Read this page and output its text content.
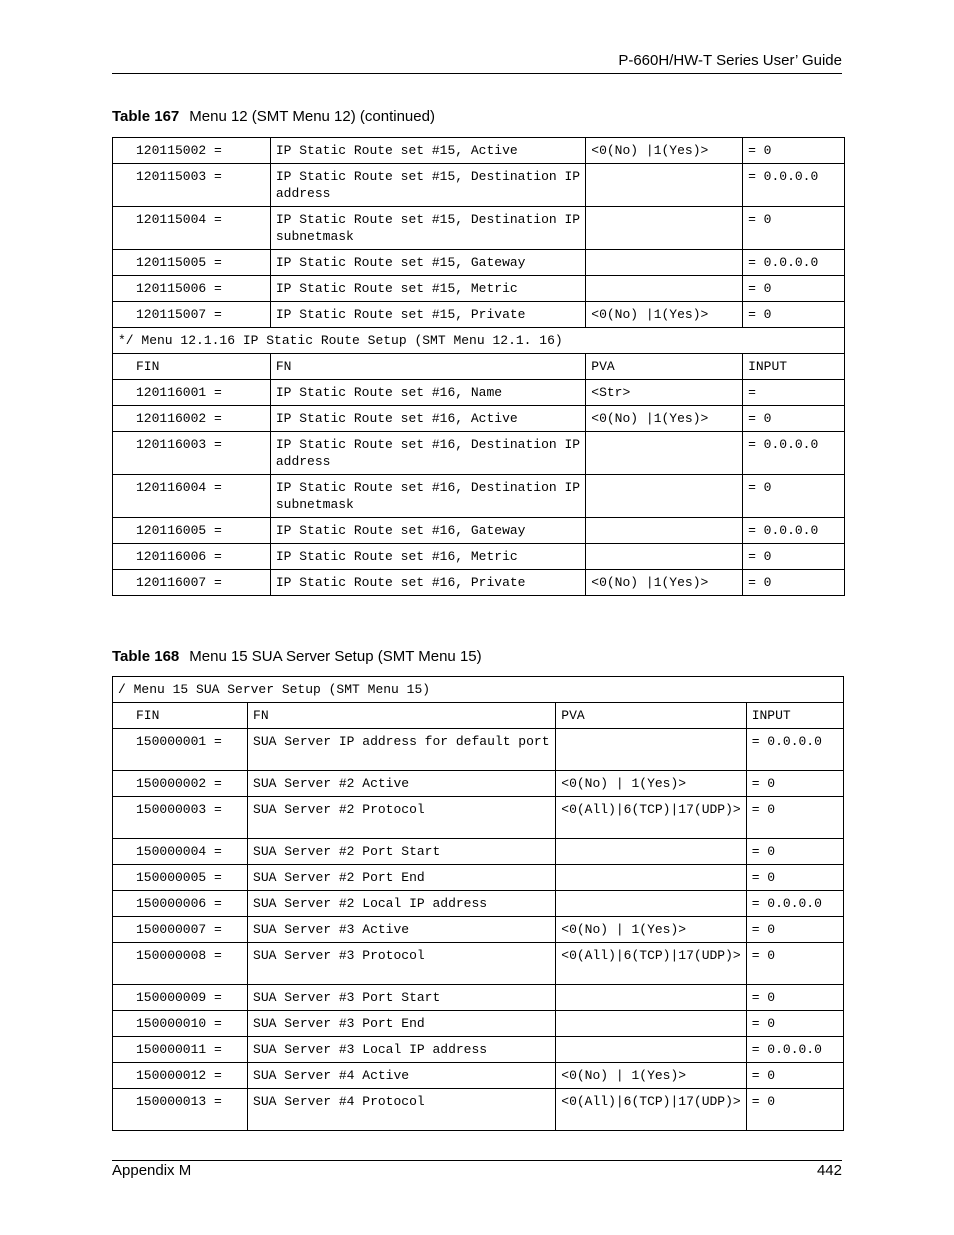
P-660H/HW-T Series User’ Guide
Table 167 Menu 12 (SMT Menu 12) (continued)
120115002 =	IP Static Route set #15, Active	<0(No) |1(Yes)>	= 0
120115003 =	IP Static Route set #15, Destination IP address		= 0.0.0.0
120115004 =	IP Static Route set #15, Destination IP subnetmask		= 0
120115005 =	IP Static Route set #15, Gateway		= 0.0.0.0
120115006 =	IP Static Route set #15, Metric		= 0
120115007 =	IP Static Route set #15, Private	<0(No) |1(Yes)>	= 0
*/ Menu 12.1.16 IP Static Route Setup (SMT Menu 12.1. 16)			
FIN	FN	PVA	INPUT
120116001 =	IP Static Route set #16, Name	<Str>	=
120116002 =	IP Static Route set #16, Active	<0(No) |1(Yes)>	= 0
120116003 =	IP Static Route set #16, Destination IP address		= 0.0.0.0
120116004 =	IP Static Route set #16, Destination IP subnetmask		= 0
120116005 =	IP Static Route set #16, Gateway		= 0.0.0.0
120116006 =	IP Static Route set #16, Metric		= 0
120116007 =	IP Static Route set #16, Private	<0(No) |1(Yes)>	= 0
Table 168 Menu 15 SUA Server Setup (SMT Menu 15)
/ Menu 15 SUA Server Setup (SMT Menu 15)			
FIN	FN	PVA	INPUT
150000001 =	SUA Server IP address for default port		= 0.0.0.0
150000002 =	SUA Server #2 Active	<0(No) | 1(Yes)>	= 0
150000003 =	SUA Server #2 Protocol	<0(All)|6(TCP)|17(UDP)>	= 0
150000004 =	SUA Server #2 Port Start		= 0
150000005 =	SUA Server #2 Port End		= 0
150000006 =	SUA Server #2 Local IP address		= 0.0.0.0
150000007 =	SUA Server #3 Active	<0(No) | 1(Yes)>	= 0
150000008 =	SUA Server #3 Protocol	<0(All)|6(TCP)|17(UDP)>	= 0
150000009 =	SUA Server #3 Port Start		= 0
150000010 =	SUA Server #3 Port End		= 0
150000011 =	SUA Server #3 Local IP address		= 0.0.0.0
150000012 =	SUA Server #4 Active	<0(No) | 1(Yes)>	= 0
150000013 =	SUA Server #4 Protocol	<0(All)|6(TCP)|17(UDP)>	= 0
Appendix M	442
